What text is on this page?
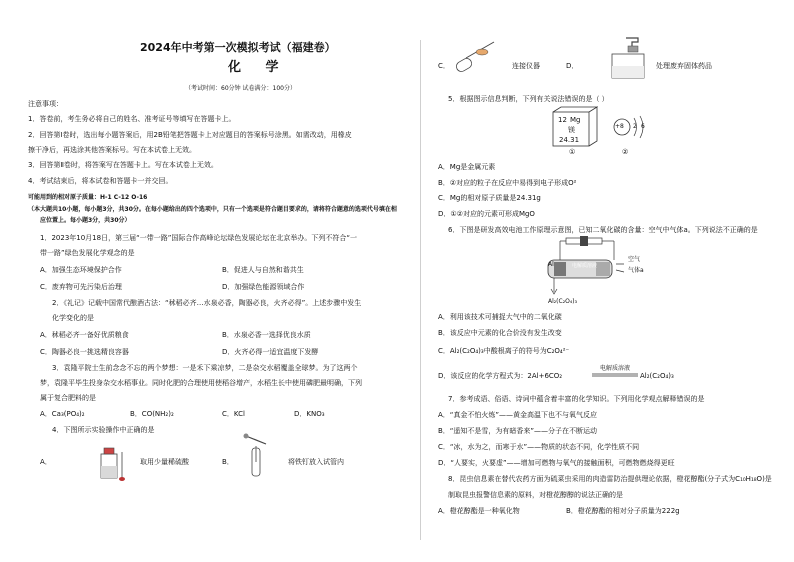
2024年中考第一次模拟考试（福建卷）
化 学
（考试时间：60分钟 试卷满分：100分）
注意事项：
1．答卷前，考生务必将自己的姓名、准考证号等填写在答题卡上。
2．回答第Ⅰ卷时，选出每小题答案后，用2B铅笔把答题卡上对应题目的答案标号涂黑。如需改动，用橡皮
擦干净后，再选涂其他答案标号。写在本试卷上无效。
3．回答第Ⅱ卷时，将答案写在答题卡上。写在本试卷上无效。
4．考试结束后，将本试卷和答题卡一并交回。
可能用到的相对原子质量：H-1 C-12 O-16
（本大题共10小题，每小题3分，共30分。在每小题给出的四个选项中，只有一个选项是符合题目要求的，请将符合题意的选项代号填在相
应位置上。每小题3分，共30分）
1．2023年10月18日，第三届“一带一路”国际合作高峰论坛绿色发展论坛在北京举办。下列不符合“一
带一路”绿色发展化学观念的是
A．加强生态环境保护合作	B．促进人与自然和谐共生
C．废弃物可先污染后治理	D．加强绿色能源领域合作
2．《礼记》记载中国常代酿酒古法：“秫稻必齐…水泉必香，陶器必良，火齐必得”。上述步骤中发生
化学变化的是
A．秫稻必齐一备好优质粮食	B．水泉必香一选择优良水质
C．陶器必良一挑选精良容器	D．火齐必得一适宜温度下发酵
3．袁隆平院士生前念念不忘的两个梦想：一是禾下乘凉梦，二是杂交水稻覆盖全球梦。为了这两个
梦，袁隆平毕生投身杂交水稻事业。同时化肥的合理使用使稻谷增产，水稻生长中使用磷肥最明确，下列
属于复合肥料的是
A．Ca₃(PO₄)₂	B．CO(NH₂)₂	C．KCl	D．KNO₃
4．下图所示实验操作中正确的是
A．	取用少量稀硫酸	B．	将铁钉放入试管内
C．	连接仪器	D．	处理废弃固体药品
5．根据图示信息判断，下列有关说法错误的是（ ）
12 Mg
镁
24.31
①
+8 2 6
②
A．Mg是金属元素
B．②对应的粒子在反应中易得到电子形成O²
C．Mg的相对原子质量是24.31g
D．①②对应的元素可形成MgO
6．下图是研发高效电池工作原理示意图，已知二氧化碳的含量：空气中气体a。下列说法不正确的是
Al	电解质溶液
空气
气体a
Al₂(C₂O₄)₃
A．利用该技术可捕捉大气中的二氧化碳
B．该反应中元素的化合价没有发生改变
C．Al₂(C₂O₄)₃中酸根离子的符号为C₂O₄²⁻
D．该反应的化学方程式为：2Al+6CO₂
电解质溶液
Al₂(C₂O₄)₃
7．参考成语、俗语、诗词中蕴含着丰富的化学知识。下列用化学观点解释错误的是
A．“真金不怕火炼”——黄金高温下也不与氧气反应
B．“遥知不是雪，为有暗香来”——分子在不断运动
C．“冰，水为之，而寒于水”——物质的状态不同，化学性质不同
D．“人要实，火要虚”——增加可燃物与氧气的接触面积，可燃物燃烧得更旺
8．昆虫信息素在替代农药方面为硫菜虫采用的肉造雷防治提供理论依据，橙花醇酯(分子式为C₁₀H₁₈O)是
制取昆虫报警信息素的原料，对橙花醇醇的说法正确的是
A．橙花醇酯是一种氧化物	B．橙花醇酯的相对分子质量为222g
